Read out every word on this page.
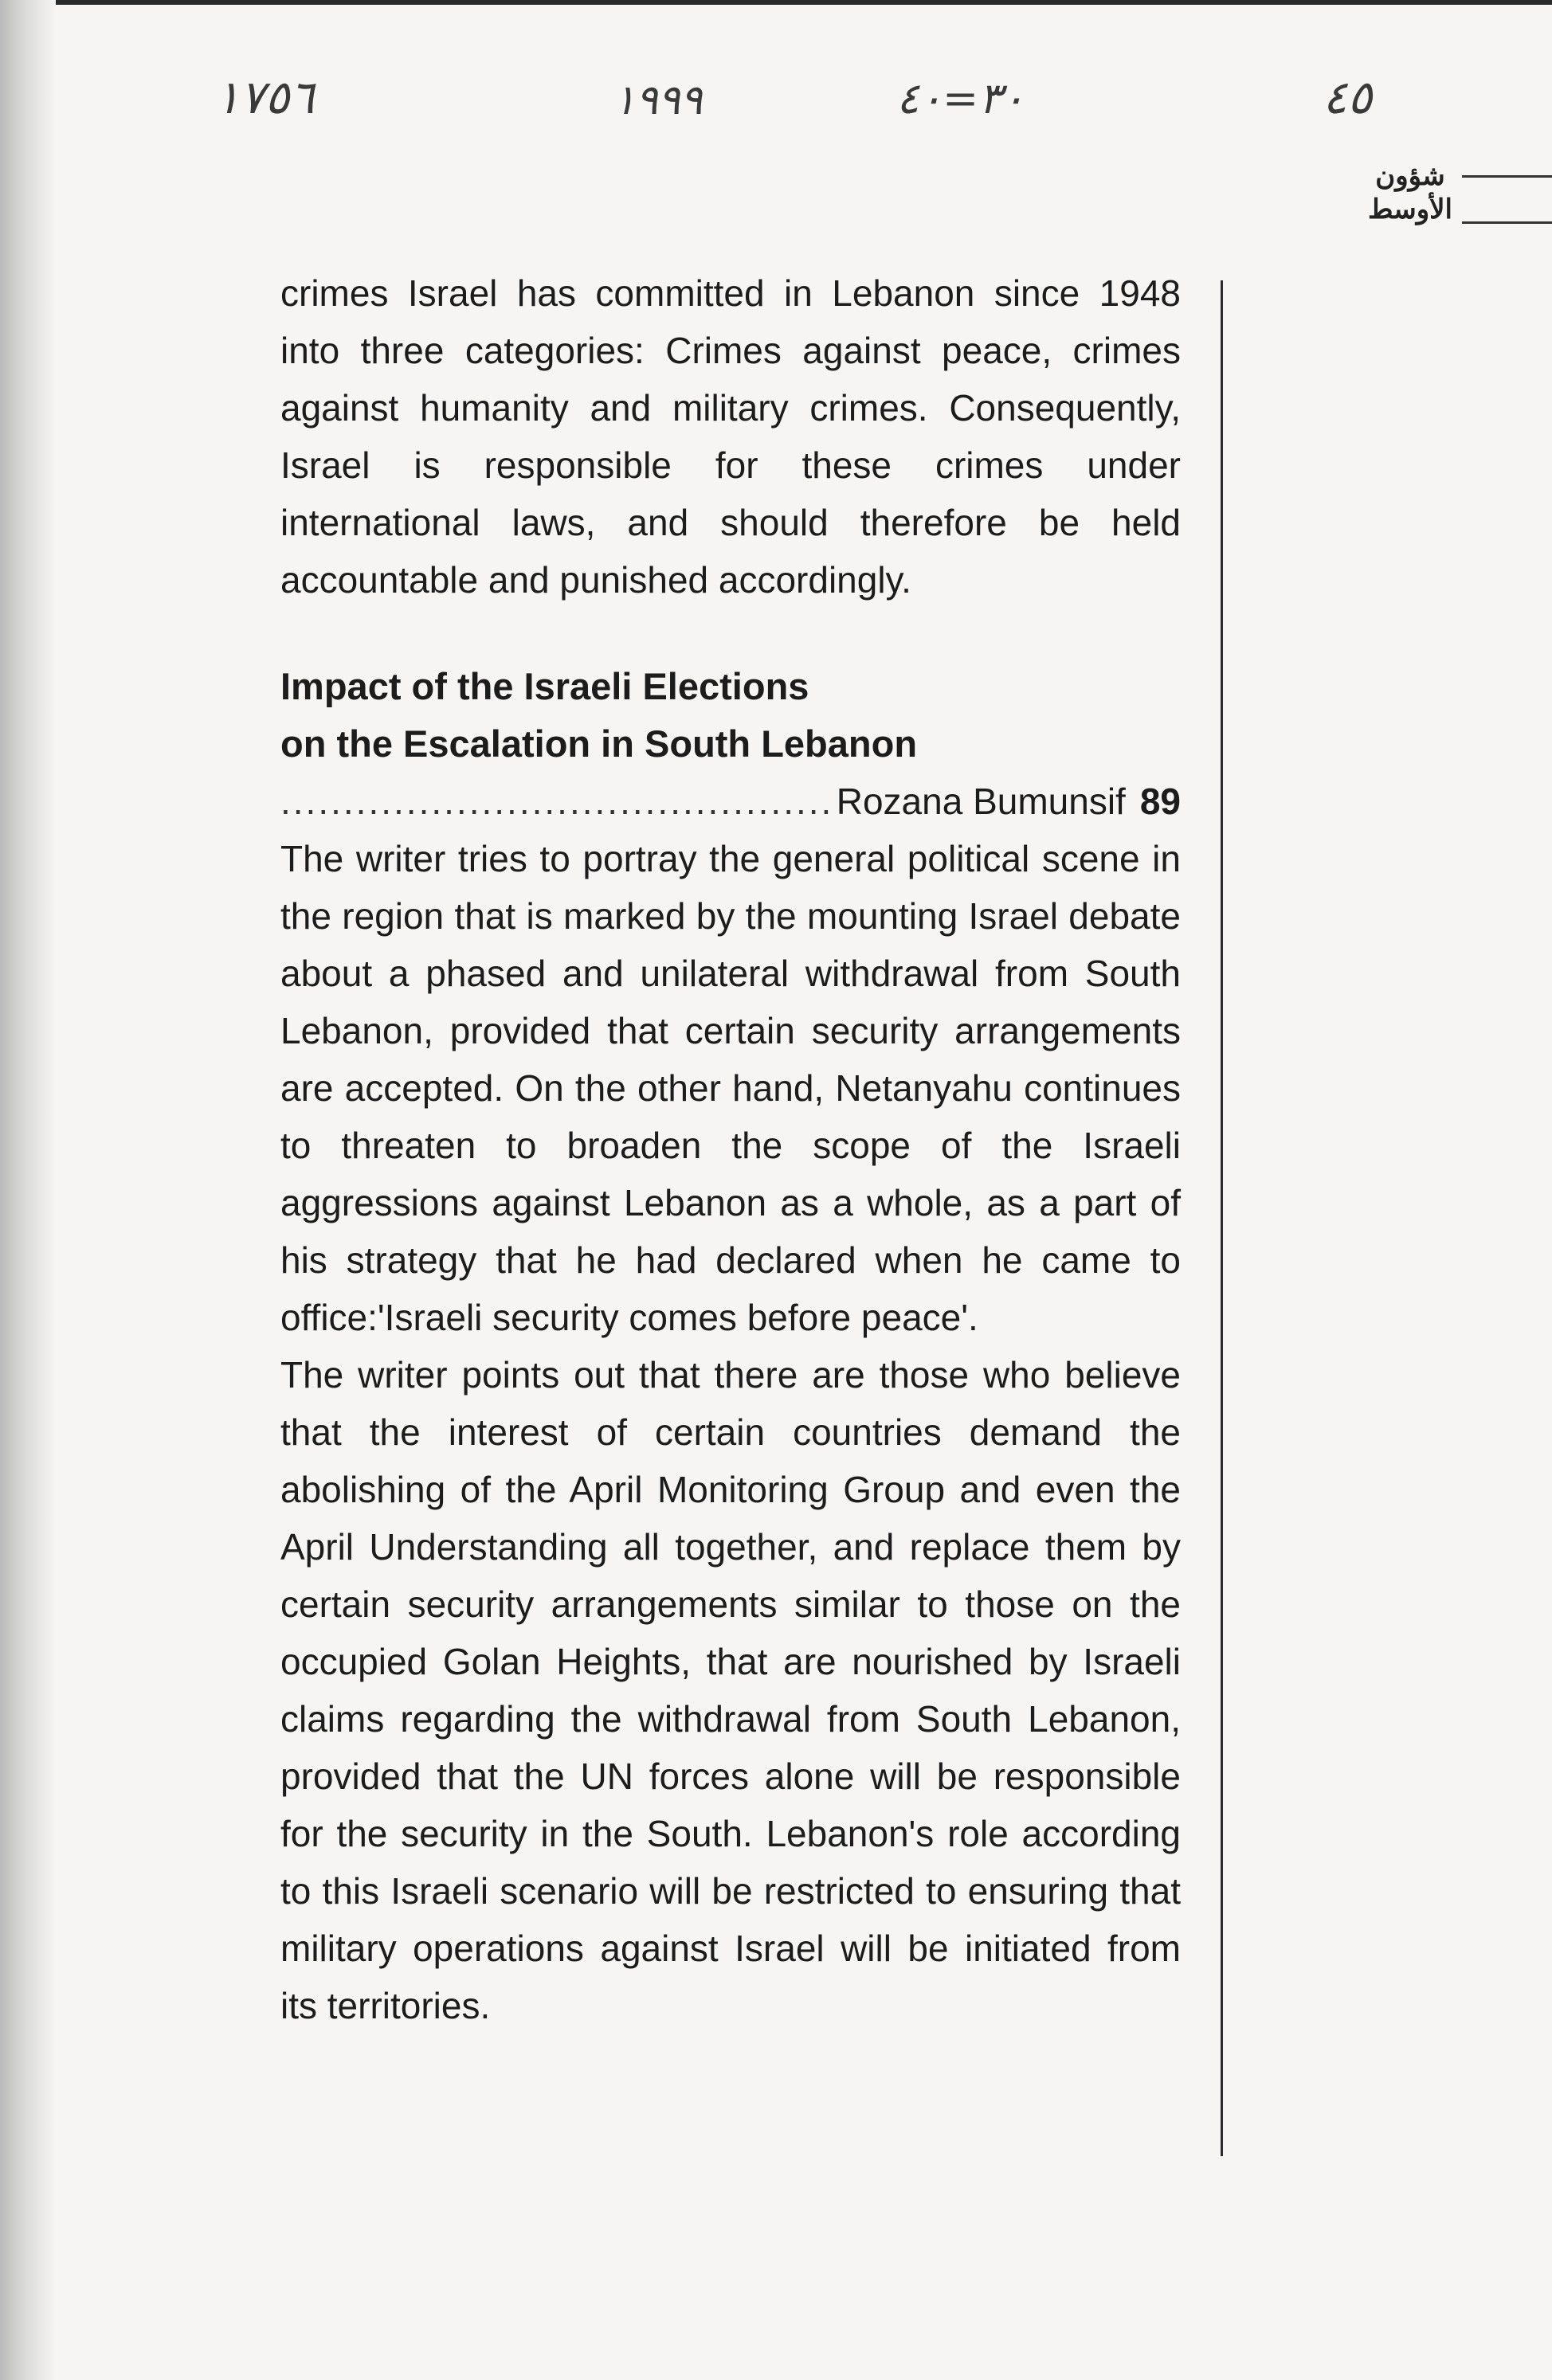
١٧٥٦	١٩٩٩	٣٠=٤٠	٤٥
شؤون الأوسط

crimes Israel has committed in Lebanon since 1948 into three categories: Crimes against peace, crimes against humanity and military crimes. Consequently, Israel is responsible for these crimes under international laws, and should therefore be held accountable and punished accordingly.

Impact of the Israeli Elections
on the Escalation in South Lebanon

.....
Rozana Bumunsif 89

The writer tries to portray the general political scene in the region that is marked by the mounting Israel debate about a phased and unilateral withdrawal from South Lebanon, provided that certain security arrangements are accepted. On the other hand, Netanyahu continues to threaten to broaden the scope of the Israeli aggressions against Lebanon as a whole, as a part of his strategy that he had declared when he came to office:'Israeli security comes before peace'.

The writer points out that there are those who believe that the interest of certain countries demand the abolishing of the April Monitoring Group and even the April Understanding all together, and replace them by certain security arrangements similar to those on the occupied Golan Heights, that are nourished by Israeli claims regarding the withdrawal from South Lebanon, provided that the UN forces alone will be responsible for the security in the South. Lebanon's role according to this Israeli scenario will be restricted to ensuring that military operations against Israel will be initiated from its territories.
